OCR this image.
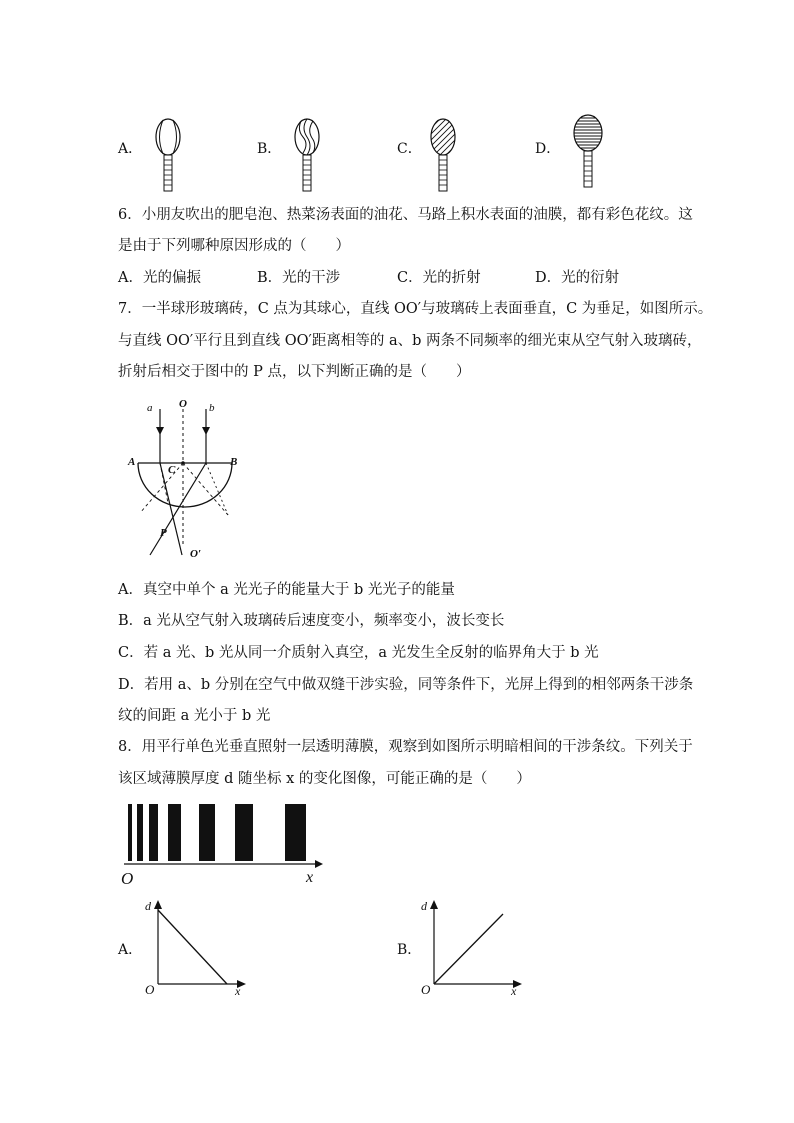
A．	B．	C．	D．
6．小朋友吹出的肥皂泡、热菜汤表面的油花、马路上积水表面的油膜，都有彩色花纹。这
是由于下列哪种原因形成的（　　）
A．光的偏振	B．光的干涉	C．光的折射	D．光的衍射
7．一半球形玻璃砖，C 点为其球心，直线 OO′与玻璃砖上表面垂直，C 为垂足，如图所示。
与直线 OO′平行且到直线 OO′距离相等的 a、b 两条不同频率的细光束从空气射入玻璃砖，
折射后相交于图中的 P 点，以下判断正确的是（　　）
a O b
A	B
C
P
O′
A．真空中单个 a 光光子的能量大于 b 光光子的能量
B．a 光从空气射入玻璃砖后速度变小，频率变小，波长变长
C．若 a 光、b 光从同一介质射入真空，a 光发生全反射的临界角大于 b 光
D．若用 a、b 分别在空气中做双缝干涉实验，同等条件下，光屏上得到的相邻两条干涉条
纹的间距 a 光小于 b 光
8．用平行单色光垂直照射一层透明薄膜，观察到如图所示明暗相间的干涉条纹。下列关于
该区域薄膜厚度 d 随坐标 x 的变化图像，可能正确的是（　　）
O	x
A．
d
O	x
B．
d
O	x
